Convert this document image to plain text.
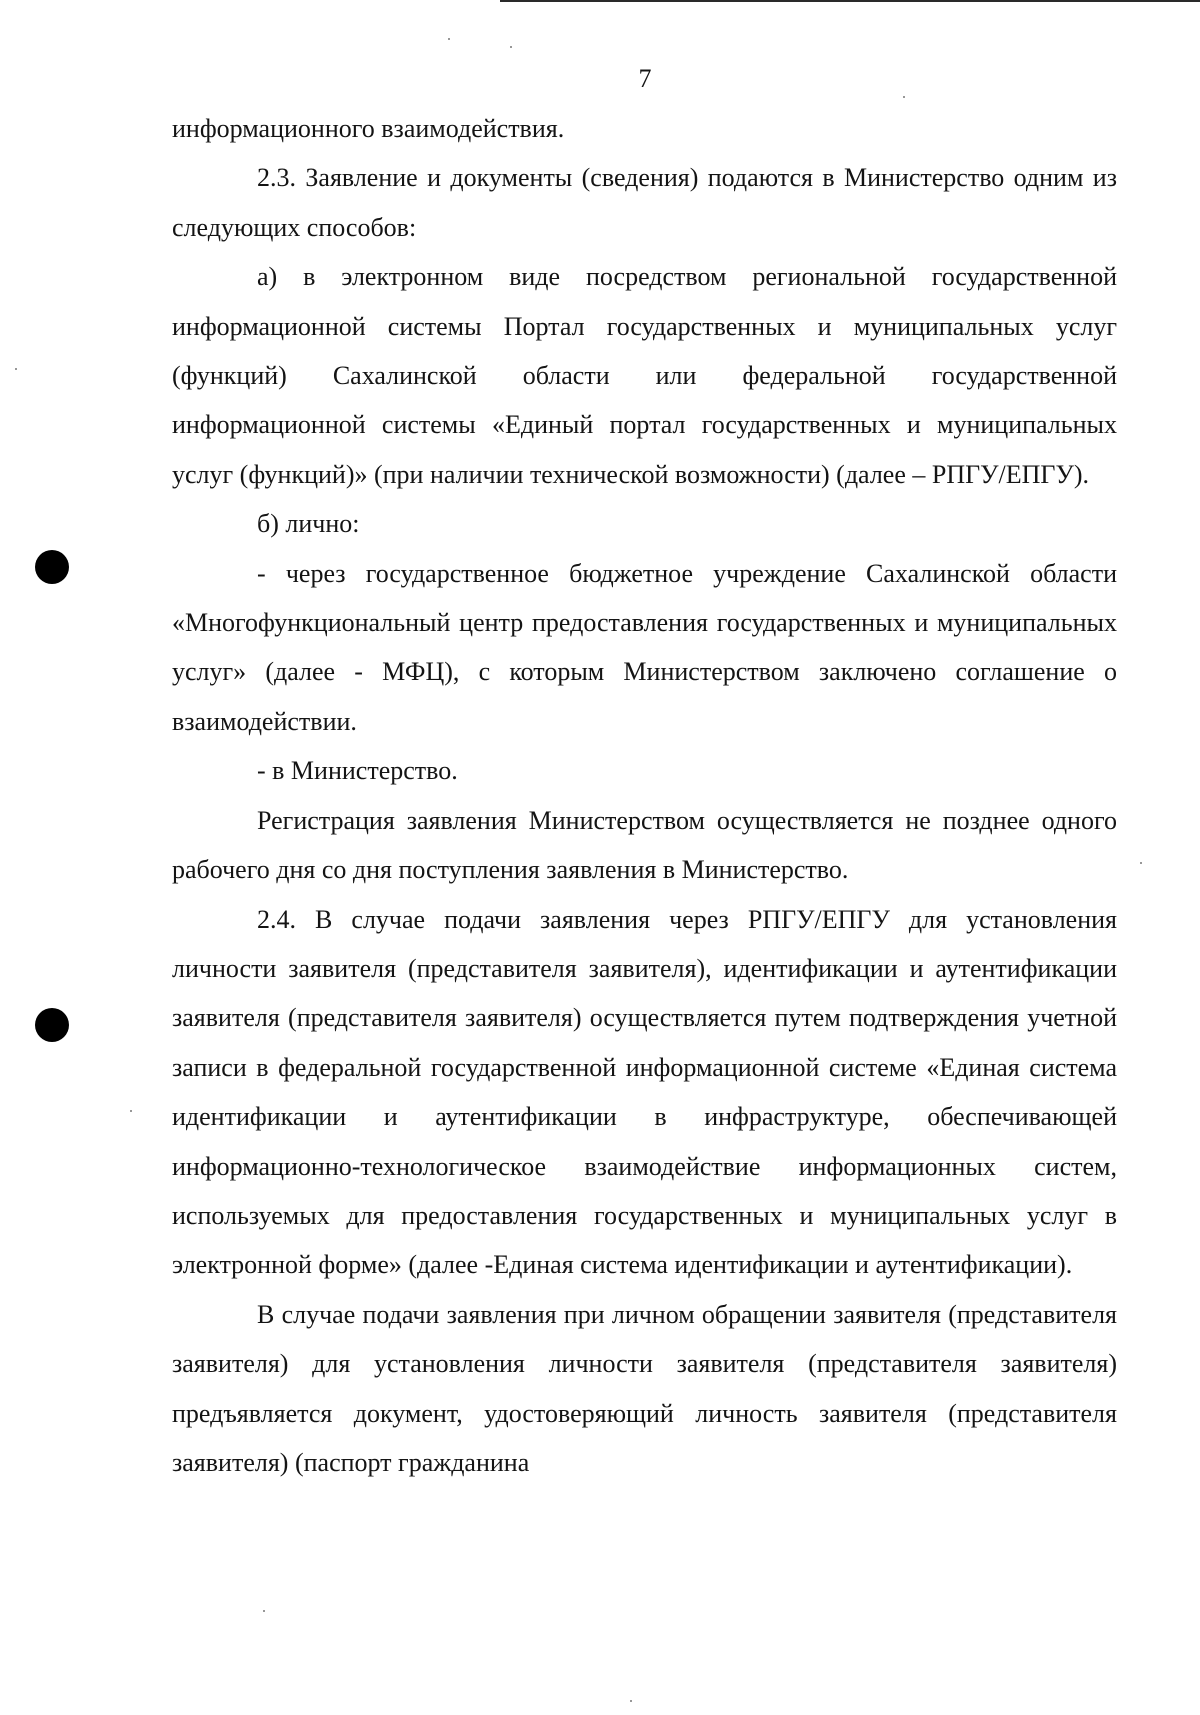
7

информационного взаимодействия.

2.3. Заявление и документы (сведения) подаются в Министерство одним из следующих способов:

а) в электронном виде посредством региональной государственной информационной системы Портал государственных и муниципальных услуг (функций) Сахалинской области или федеральной государственной информационной системы «Единый портал государственных и муниципальных услуг (функций)» (при наличии технической возможности) (далее – РПГУ/ЕПГУ).

б) лично:

- через государственное бюджетное учреждение Сахалинской области «Многофункциональный центр предоставления государственных и муниципальных услуг» (далее - МФЦ), с которым Министерством заключено соглашение о взаимодействии.

- в Министерство.

Регистрация заявления Министерством осуществляется не позднее одного рабочего дня со дня поступления заявления в Министерство.

2.4. В случае подачи заявления через РПГУ/ЕПГУ для установления личности заявителя (представителя заявителя), идентификации и аутентификации заявителя (представителя заявителя) осуществляется путем подтверждения учетной записи в федеральной государственной информационной системе «Единая система идентификации и аутентификации в инфраструктуре, обеспечивающей информационно-технологическое взаимодействие информационных систем, используемых для предоставления государственных и муниципальных услуг в электронной форме» (далее -Единая система идентификации и аутентификации).

В случае подачи заявления при личном обращении заявителя (представителя заявителя) для установления личности заявителя (представителя заявителя) предъявляется документ, удостоверяющий личность заявителя (представителя заявителя) (паспорт гражданина
